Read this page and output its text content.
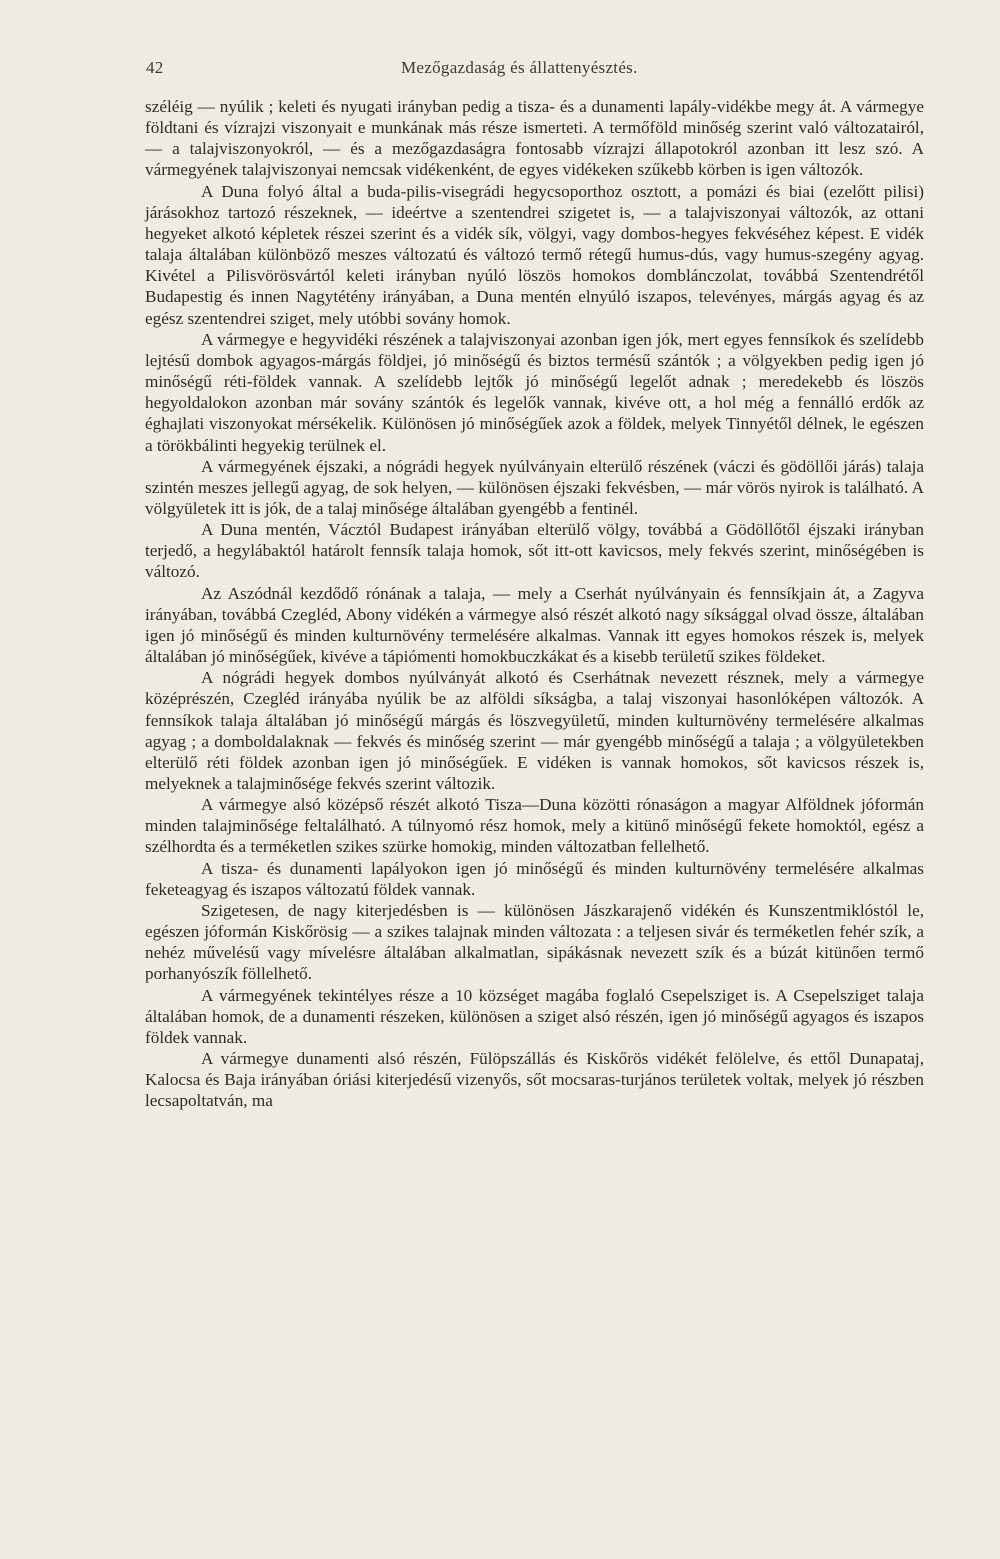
42	Mezőgazdaság és állattenyésztés.

széléig — nyúlik ; keleti és nyugati irányban pedig a tisza- és a dunamenti lapály-vidékbe megy át. A vármegye földtani és vízrajzi viszonyait e munkának más része ismerteti. A termőföld minőség szerint való változatairól, — a talajviszonyokról, — és a mezőgazdaságra fontosabb vízrajzi állapotokról azonban itt lesz szó. A vármegyének talajviszonyai nemcsak vidékenként, de egyes vidékeken szűkebb körben is igen változók.

A Duna folyó által a buda-pilis-visegrádi hegycsoporthoz osztott, a pomázi és biai (ezelőtt pilisi) járásokhoz tartozó részeknek, — ideértve a szentendrei szigetet is, — a talajviszonyai változók, az ottani hegyeket alkotó képletek részei szerint és a vidék sík, völgyi, vagy dombos-hegyes fekvéséhez képest. E vidék talaja általában különböző meszes változatú és változó termő rétegű humus-dús, vagy humus-szegény agyag. Kivétel a Pilisvörösvártól keleti irányban nyúló löszös homokos domblánczolat, továbbá Szentendrétől Budapestig és innen Nagytétény irányában, a Duna mentén elnyúló iszapos, televényes, márgás agyag és az egész szentendrei sziget, mely utóbbi sovány homok.

A vármegye e hegyvidéki részének a talajviszonyai azonban igen jók, mert egyes fennsíkok és szelídebb lejtésű dombok agyagos-márgás földjei, jó minőségű és biztos termésű szántók ; a völgyekben pedig igen jó minőségű réti-földek vannak. A szelídebb lejtők jó minőségű legelőt adnak ; meredekebb és löszös hegyoldalokon azonban már sovány szántók és legelők vannak, kivéve ott, a hol még a fennálló erdők az éghajlati viszonyokat mérsékelik. Különösen jó minőségűek azok a földek, melyek Tinnyétől délnek, le egészen a törökbálinti hegyekig terülnek el.

A vármegyének éjszaki, a nógrádi hegyek nyúlványain elterülő részének (váczi és gödöllői járás) talaja szintén meszes jellegű agyag, de sok helyen, — különösen éjszaki fekvésben, — már vörös nyirok is található. A völgyületek itt is jók, de a talaj minősége általában gyengébb a fentinél.

A Duna mentén, Vácztól Budapest irányában elterülő völgy, továbbá a Gödöllőtől éjszaki irányban terjedő, a hegylábaktól határolt fennsík talaja homok, sőt itt-ott kavicsos, mely fekvés szerint, minőségében is változó.

Az Aszódnál kezdődő rónának a talaja, — mely a Cserhát nyúlványain és fennsíkjain át, a Zagyva irányában, továbbá Czegléd, Abony vidékén a vármegye alsó részét alkotó nagy síksággal olvad össze, általában igen jó minőségű és minden kulturnövény termelésére alkalmas. Vannak itt egyes homokos részek is, melyek általában jó minőségűek, kivéve a tápiómenti homokbuczkákat és a kisebb területű szikes földeket.

A nógrádi hegyek dombos nyúlványát alkotó és Cserhátnak nevezett résznek, mely a vármegye középrészén, Czegléd irányába nyúlik be az alföldi síkságba, a talaj viszonyai hasonlóképen változók. A fennsíkok talaja általában jó minőségű márgás és löszvegyületű, minden kulturnövény termelésére alkalmas agyag ; a domboldalaknak — fekvés és minőség szerint — már gyengébb minőségű a talaja ; a völgyületekben elterülő réti földek azonban igen jó minőségűek. E vidéken is vannak homokos, sőt kavicsos részek is, melyeknek a talajminősége fekvés szerint változik.

A vármegye alsó középső részét alkotó Tisza—Duna közötti rónaságon a magyar Alföldnek jóformán minden talajminősége feltalálható. A túlnyomó rész homok, mely a kitünő minőségű fekete homoktól, egész a szélhordta és a terméketlen szikes szürke homokig, minden változatban fellelhető.

A tisza- és dunamenti lapályokon igen jó minőségű és minden kulturnövény termelésére alkalmas feketeagyag és iszapos változatú földek vannak.

Szigetesen, de nagy kiterjedésben is — különösen Jászkarajenő vidékén és Kunszentmiklóstól le, egészen jóformán Kiskőrösig — a szikes talajnak minden változata : a teljesen sivár és terméketlen fehér szík, a nehéz művelésű vagy mívelésre általában alkalmatlan, sipákásnak nevezett szík és a búzát kitünően termő porhanyószík föllelhető.

A vármegyének tekintélyes része a 10 községet magába foglaló Csepelsziget is. A Csepelsziget talaja általában homok, de a dunamenti részeken, különösen a sziget alsó részén, igen jó minőségű agyagos és iszapos földek vannak.

A vármegye dunamenti alsó részén, Fülöpszállás és Kiskőrös vidékét felölelve, és ettől Dunapataj, Kalocsa és Baja irányában óriási kiterjedésű vizenyős, sőt mocsaras-turjános területek voltak, melyek jó részben lecsapoltatván, ma
